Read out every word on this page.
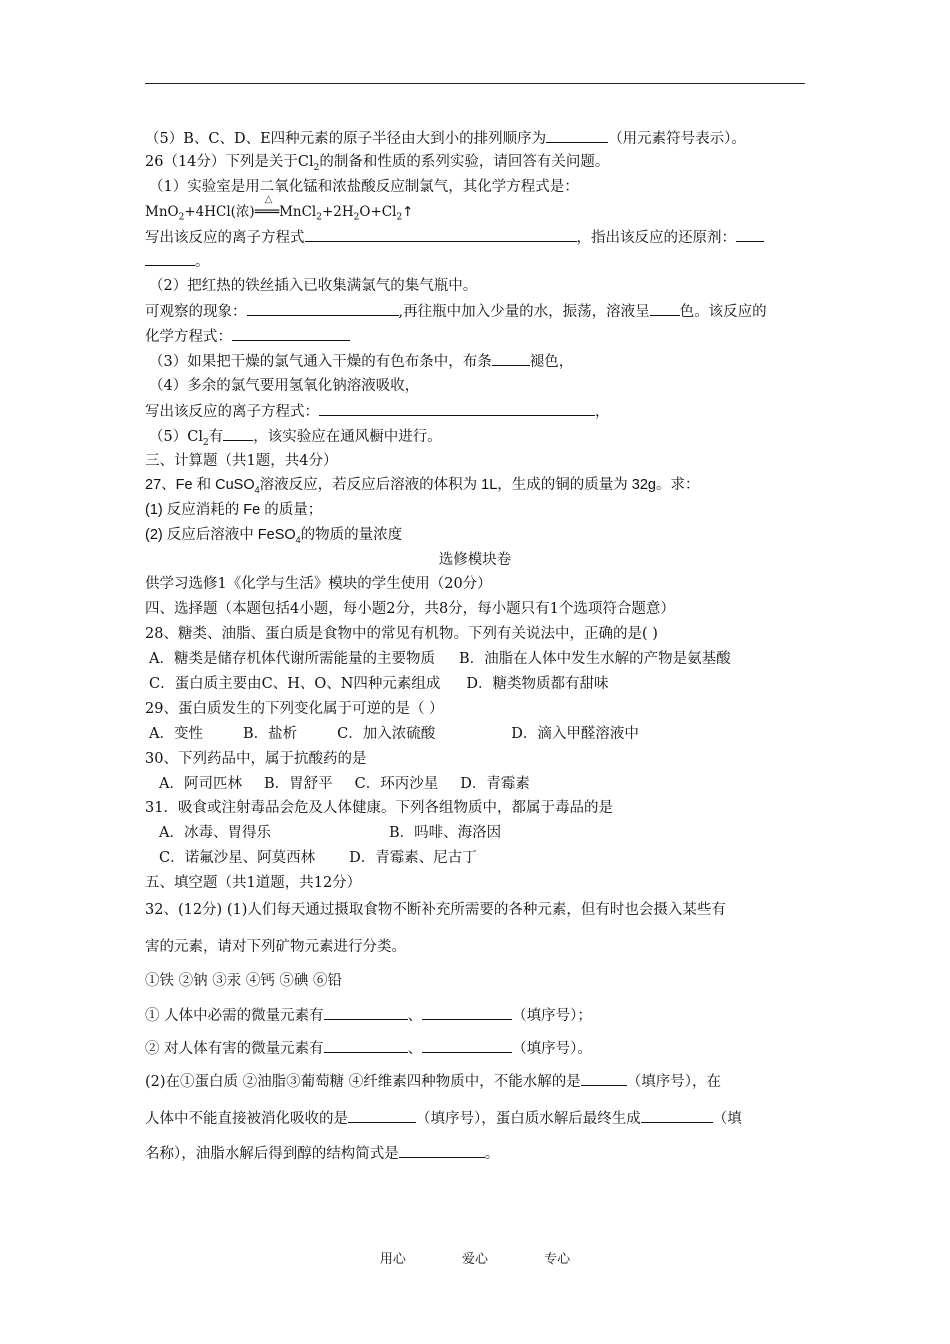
（5）B、C、D、E四种元素的原子半径由大到小的排列顺序为	（用元素符号表示）。
26（14分）下列是关于$Cl_2$的制备和性质的系列实验，请回答有关问题。
（1）实验室是用二氧化锰和浓盐酸反应制氯气，其化学方程式是：
MnO$_2$+4HCl(浓)
△
$═══MnCl_2+2H_2O+Cl_2↑$
写出该反应的离子方程式	，指出该反应的还原剂：
。
（2）把红热的铁丝插入已收集满氯气的集气瓶中。
可观察的现象：	,再往瓶中加入少量的水，振荡，溶液呈 色。该反应的
化学方程式：
（3）如果把干燥的氯气通入干燥的有色布条中，布条	褪色，
（4）多余的氯气要用氢氧化钠溶液吸收，
写出该反应的离子方程式：	，
$(5)Cl_2$有 ，该实验应在通风橱中进行。
三、计算题（共1题，共4分）
27、Fe 和 CuSO$_4$溶液反应，若反应后溶液的体积为 1L，生成的铜的质量为 32g。求：
(1) 反应消耗的 Fe 的质量；
(2) 反应后溶液中 FeSO$_4$的物质的量浓度
选修模块卷
供学习选修1《化学与生活》模块的学生使用（20分）
四、选择题（本题包括4小题，每小题2分，共8分，每小题只有1个选项符合题意）
28、糖类、油脂、蛋白质是食物中的常见有机物。下列有关说法中，正确的是( )
A．糖类是储存机体代谢所需能量的主要物质 B．油脂在人体中发生水解的产物是氨基酸
C．蛋白质主要由C、H、O、N四种元素组成 D．糖类物质都有甜味
29、蛋白质发生的下列变化属于可逆的是（ ）
A．变性	B．盐析	C．加入浓硫酸	D．滴入甲醛溶液中
30、下列药品中，属于抗酸药的是
A．阿司匹林 B．胃舒平 C．环丙沙星 D．青霉素
31．吸食或注射毒品会危及人体健康。下列各组物质中，都属于毒品的是
A．冰毒、胃得乐	B．吗啡、海洛因
C．诺氟沙星、阿莫西林 D．青霉素、尼古丁
五、填空题（共1道题，共12分）
32、(12分) (1)人们每天通过摄取食物不断补充所需要的各种元素，但有时也会摄入某些有
害的元素，请对下列矿物元素进行分类。
①铁 ②钠 ③汞 ④钙 ⑤碘 ⑥铅
① 人体中必需的微量元素有	、	（填序号）；
② 对人体有害的微量元素有	、	（填序号）。
(2)在①蛋白质 ②油脂③葡萄糖 ④纤维素四种物质中，不能水解的是	（填序号），在
人体中不能直接被消化吸收的是	（填序号），蛋白质水解后最终生成	（填
名称），油脂水解后得到醇的结构简式是	。
用心	爱心	专心
